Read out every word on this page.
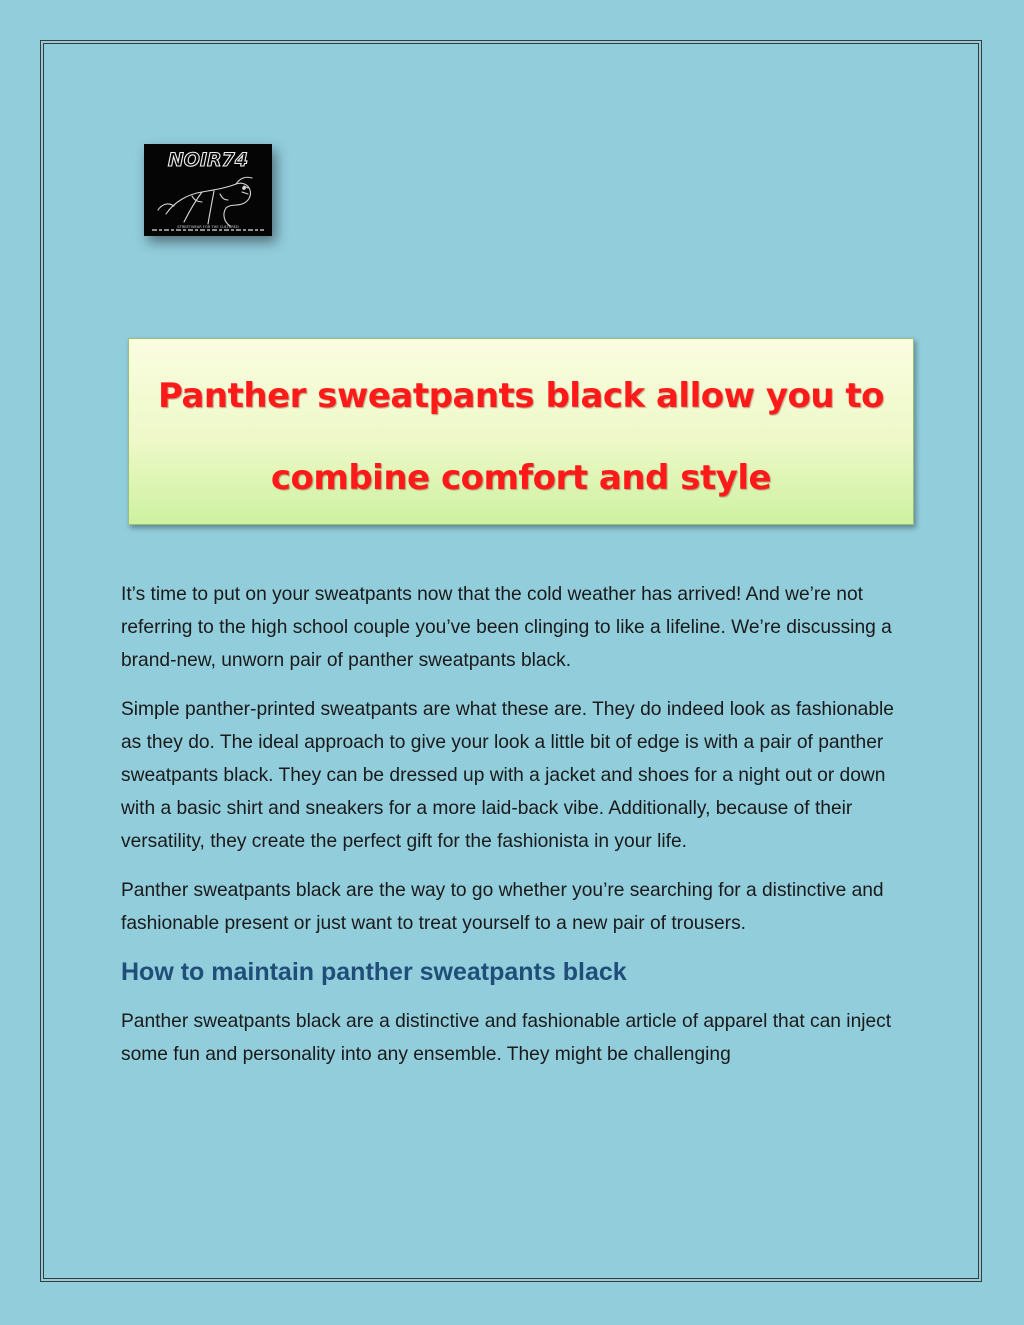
NOIR74
STREETWEAR FOR THE CULTURED
Panther sweatpants black allow you to
combine comfort and style

It’s time to put on your sweatpants now that the cold weather has arrived! And we’re not referring to the high school couple you’ve been clinging to like a lifeline. We’re discussing a brand-new, unworn pair of panther sweatpants black.

Simple panther-printed sweatpants are what these are. They do indeed look as fashionable as they do. The ideal approach to give your look a little bit of edge is with a pair of panther sweatpants black. They can be dressed up with a jacket and shoes for a night out or down with a basic shirt and sneakers for a more laid-back vibe. Additionally, because of their versatility, they create the perfect gift for the fashionista in your life.

Panther sweatpants black are the way to go whether you’re searching for a distinctive and fashionable present or just want to treat yourself to a new pair of trousers.

How to maintain panther sweatpants black

Panther sweatpants black are a distinctive and fashionable article of apparel that can inject some fun and personality into any ensemble. They might be challenging
